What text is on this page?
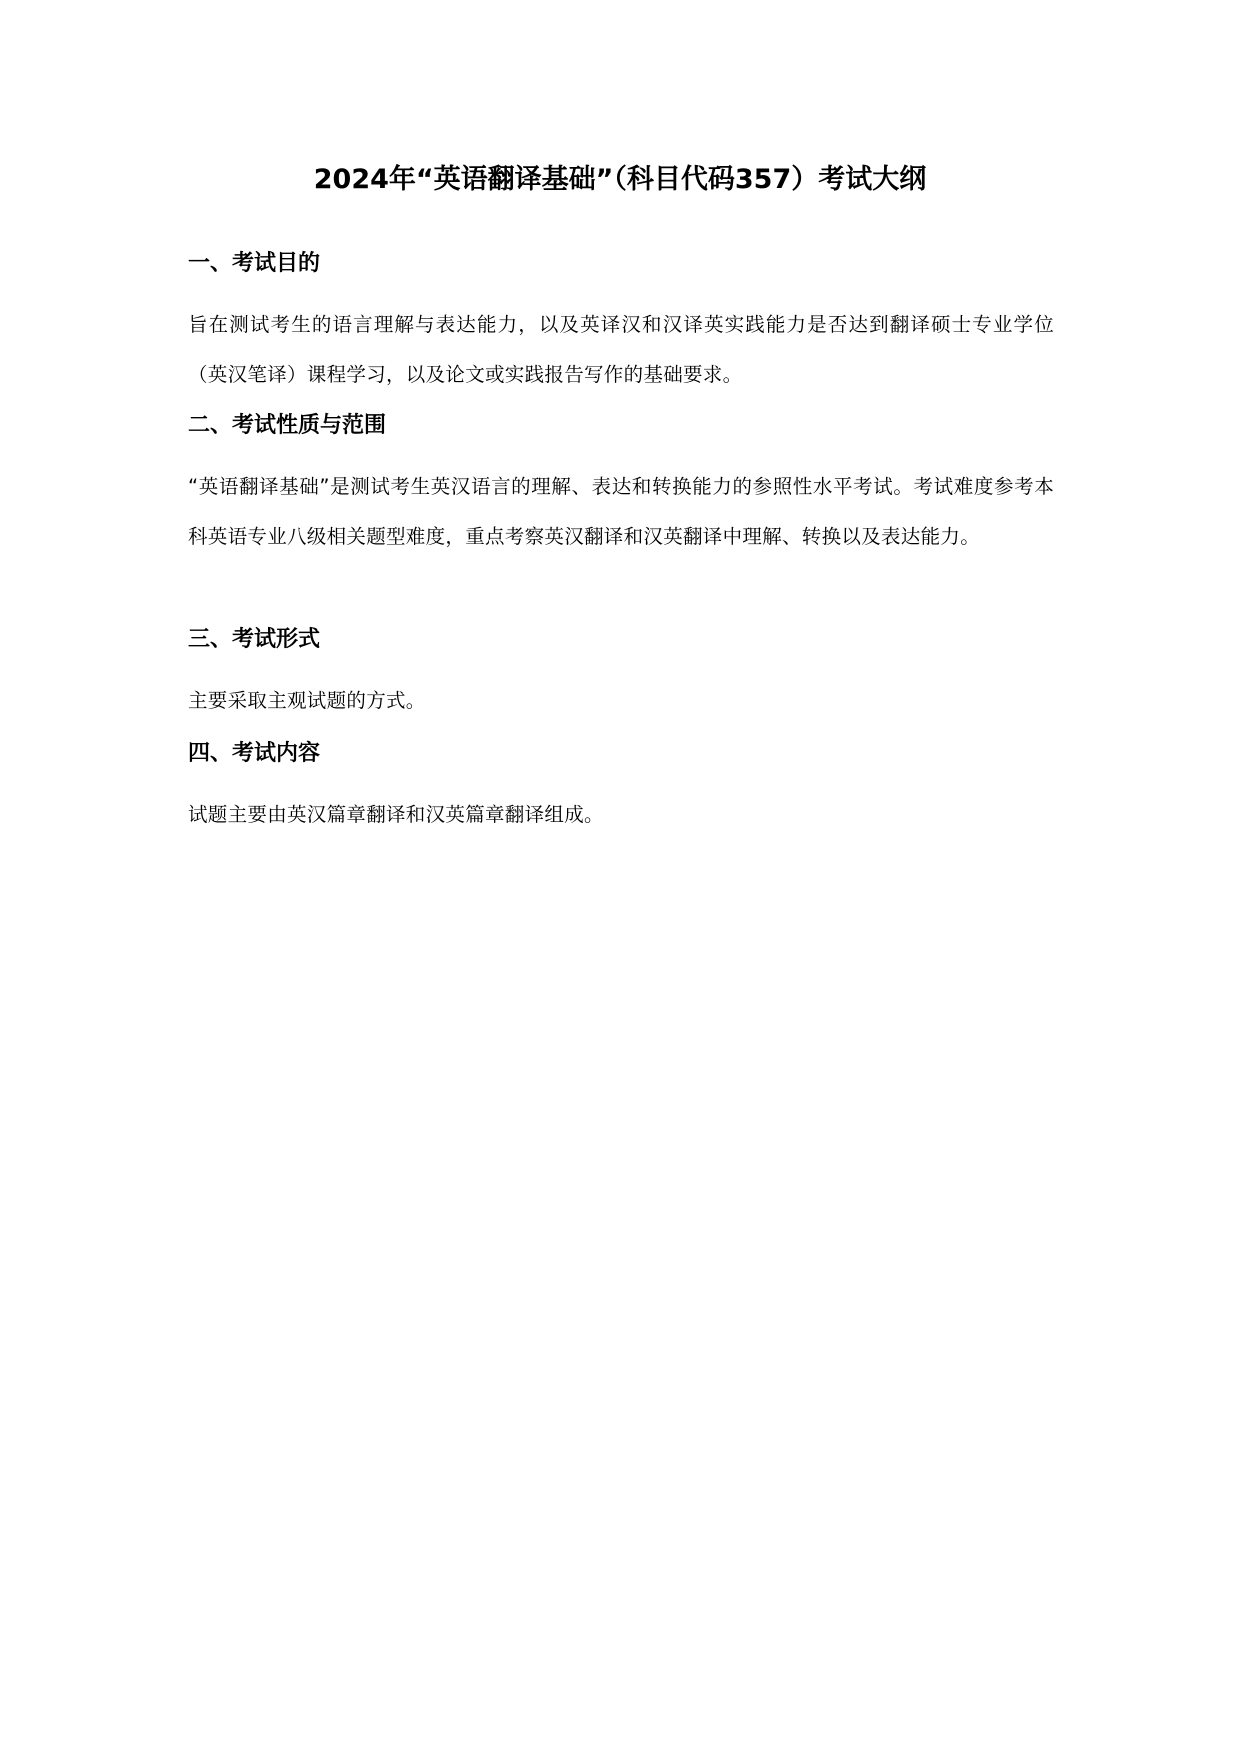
2024年“英语翻译基础”（科目代码357）考试大纲
一、考试目的

旨在测试考生的语言理解与表达能力，以及英译汉和汉译英实践能力是否达到翻译硕士专业学位（英汉笔译）课程学习，以及论文或实践报告写作的基础要求。

二、考试性质与范围

“英语翻译基础”是测试考生英汉语言的理解、表达和转换能力的参照性水平考试。考试难度参考本科英语专业八级相关题型难度，重点考察英汉翻译和汉英翻译中理解、转换以及表达能力。

三、考试形式

主要采取主观试题的方式。

四、考试内容

试题主要由英汉篇章翻译和汉英篇章翻译组成。
